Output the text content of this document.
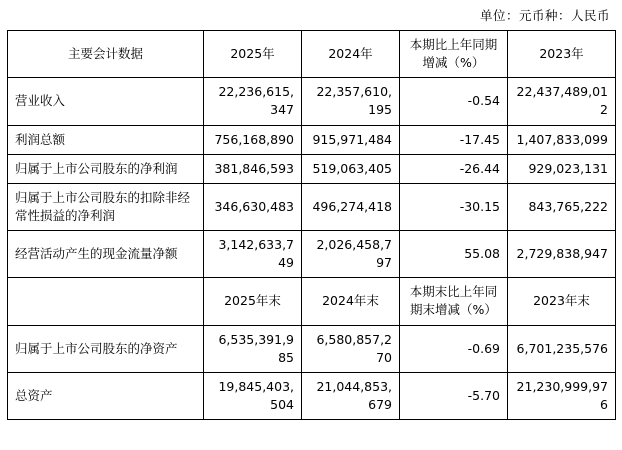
单位：元币种：人民币
主要会计数据	2025年	2024年	本期比上年同期增减（%）	2023年
营业收入	22,236,615,347	22,357,610,195	-0.54	22,437,489,012
利润总额	756,168,890	915,971,484	-17.45	1,407,833,099
归属于上市公司股东的净利润	381,846,593	519,063,405	-26.44	929,023,131
归属于上市公司股东的扣除非经常性损益的净利润	346,630,483	496,274,418	-30.15	843,765,222
经营活动产生的现金流量净额	3,142,633,749	2,026,458,797	55.08	2,729,838,947
	2025年末	2024年末	本期末比上年同期末增减（%）	2023年末
归属于上市公司股东的净资产	6,535,391,985	6,580,857,270	-0.69	6,701,235,576
总资产	19,845,403,504	21,044,853,679	-5.70	21,230,999,976
